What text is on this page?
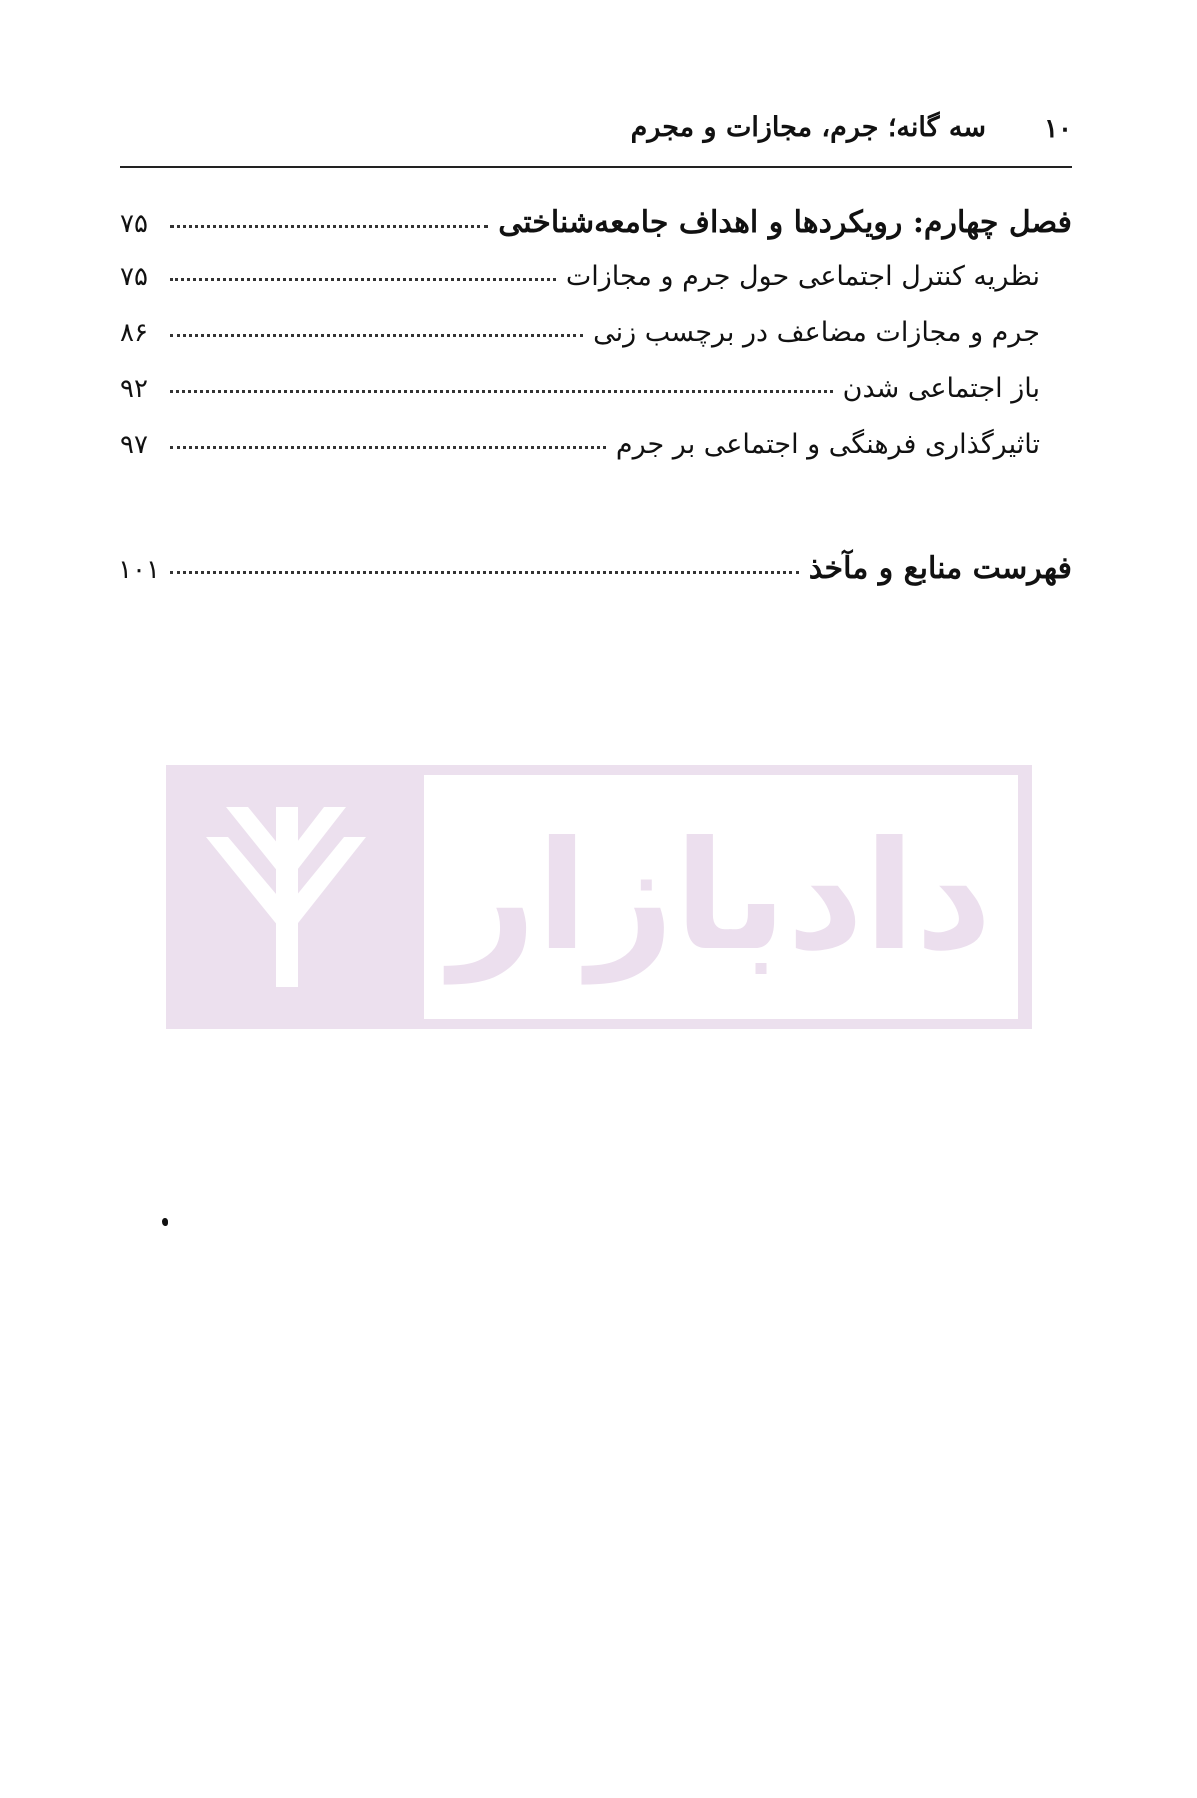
۱۰
سه گانه؛ جرم، مجازات و مجرم
فصل چهارم: رویکردها و اهداف جامعه‌شناختی
۷۵
نظریه کنترل اجتماعی حول جرم و مجازات
۷۵
جرم و مجازات مضاعف در برچسب زنی
۸۶
باز اجتماعی شدن
۹۲
تاثیرگذاری فرهنگی و اجتماعی بر جرم
۹۷
فهرست منابع و مآخذ
۱۰۱
دادبازار
